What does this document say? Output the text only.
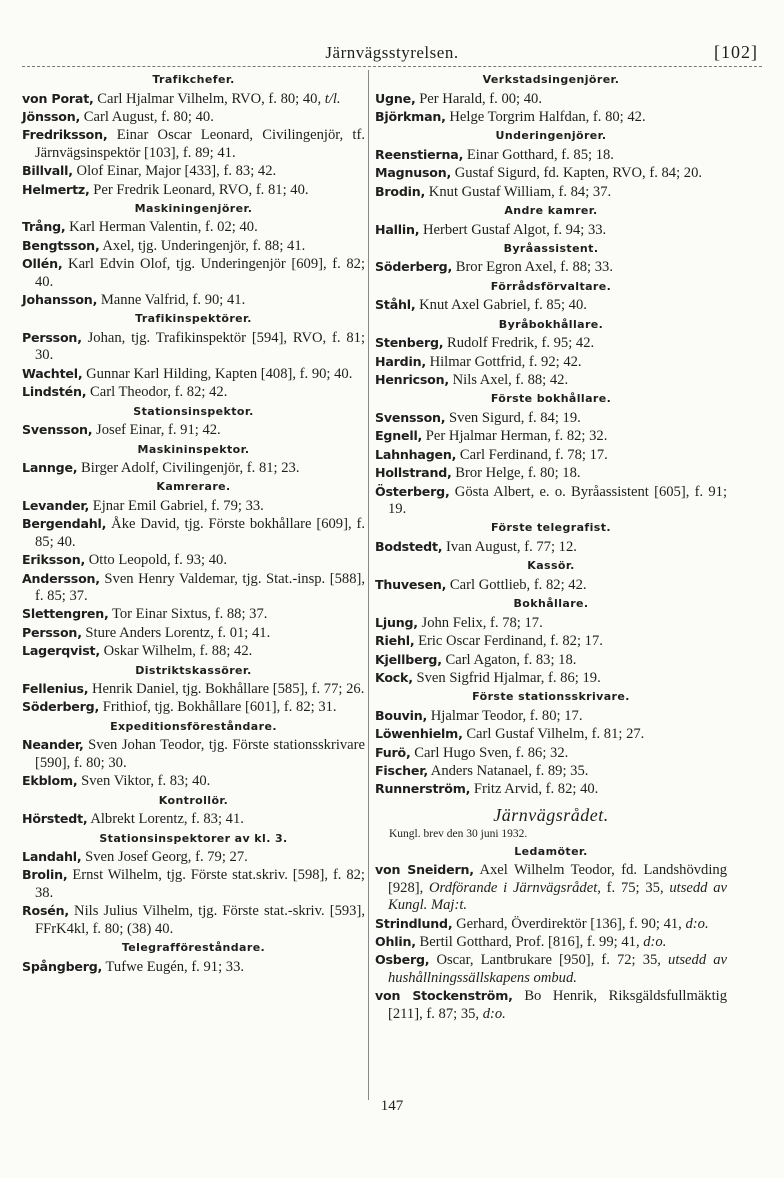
Järnvägsstyrelsen.	[102]
Trafikchefer.
von Porat, Carl Hjalmar Vilhelm, RVO, f. 80; 40, t/l.
Jönsson, Carl August, f. 80; 40.
Fredriksson, Einar Oscar Leonard, Civilingenjör, tf. Järnvägsinspektör [103], f. 89; 41.
Billvall, Olof Einar, Major [433], f. 83; 42.
Helmertz, Per Fredrik Leonard, RVO, f. 81; 40.
Maskiningenjörer.
Trång, Karl Herman Valentin, f. 02; 40.
Bengtsson, Axel, tjg. Underingenjör, f. 88; 41.
Ollén, Karl Edvin Olof, tjg. Underingenjör [609], f. 82; 40.
Johansson, Manne Valfrid, f. 90; 41.
Trafikinspektörer.
Persson, Johan, tjg. Trafikinspektör [594], RVO, f. 81; 30.
Wachtel, Gunnar Karl Hilding, Kapten [408], f. 90; 40.
Lindstén, Carl Theodor, f. 82; 42.
Stationsinspektor.
Svensson, Josef Einar, f. 91; 42.
Maskininspektor.
Lannge, Birger Adolf, Civilingenjör, f. 81; 23.
Kamrerare.
Levander, Ejnar Emil Gabriel, f. 79; 33.
Bergendahl, Åke David, tjg. Förste bokhållare [609], f. 85; 40.
Eriksson, Otto Leopold, f. 93; 40.
Andersson, Sven Henry Valdemar, tjg. Stat.-insp. [588], f. 85; 37.
Slettengren, Tor Einar Sixtus, f. 88; 37.
Persson, Sture Anders Lorentz, f. 01; 41.
Lagerqvist, Oskar Wilhelm, f. 88; 42.
Distriktskassörer.
Fellenius, Henrik Daniel, tjg. Bokhållare [585], f. 77; 26.
Söderberg, Frithiof, tjg. Bokhållare [601], f. 82; 31.
Expeditionsföreståndare.
Neander, Sven Johan Teodor, tjg. Förste stationsskrivare [590], f. 80; 30.
Ekblom, Sven Viktor, f. 83; 40.
Kontrollör.
Hörstedt, Albrekt Lorentz, f. 83; 41.
Stationsinspektorer av kl. 3.
Landahl, Sven Josef Georg, f. 79; 27.
Brolin, Ernst Wilhelm, tjg. Förste stat.skriv. [598], f. 82; 38.
Rosén, Nils Julius Vilhelm, tjg. Förste stat.-skriv. [593], FFrK4kl, f. 80; (38) 40.
Telegrafföreståndare.
Spångberg, Tufwe Eugén, f. 91; 33.
Verkstadsingenjörer.
Ugne, Per Harald, f. 00; 40.
Björkman, Helge Torgrim Halfdan, f. 80; 42.
Underingenjörer.
Reenstierna, Einar Gotthard, f. 85; 18.
Magnuson, Gustaf Sigurd, fd. Kapten, RVO, f. 84; 20.
Brodin, Knut Gustaf William, f. 84; 37.
Andre kamrer.
Hallin, Herbert Gustaf Algot, f. 94; 33.
Byråassistent.
Söderberg, Bror Egron Axel, f. 88; 33.
Förrådsförvaltare.
Ståhl, Knut Axel Gabriel, f. 85; 40.
Byråbokhållare.
Stenberg, Rudolf Fredrik, f. 95; 42.
Hardin, Hilmar Gottfrid, f. 92; 42.
Henricson, Nils Axel, f. 88; 42.
Förste bokhållare.
Svensson, Sven Sigurd, f. 84; 19.
Egnell, Per Hjalmar Herman, f. 82; 32.
Lahnhagen, Carl Ferdinand, f. 78; 17.
Hollstrand, Bror Helge, f. 80; 18.
Österberg, Gösta Albert, e. o. Byråassistent [605], f. 91; 19.
Förste telegrafist.
Bodstedt, Ivan August, f. 77; 12.
Kassör.
Thuvesen, Carl Gottlieb, f. 82; 42.
Bokhållare.
Ljung, John Felix, f. 78; 17.
Riehl, Eric Oscar Ferdinand, f. 82; 17.
Kjellberg, Carl Agaton, f. 83; 18.
Kock, Sven Sigfrid Hjalmar, f. 86; 19.
Förste stationsskrivare.
Bouvin, Hjalmar Teodor, f. 80; 17.
Löwenhielm, Carl Gustaf Vilhelm, f. 81; 27.
Furö, Carl Hugo Sven, f. 86; 32.
Fischer, Anders Natanael, f. 89; 35.
Runnerström, Fritz Arvid, f. 82; 40.
Järnvägsrådet.
Kungl. brev den 30 juni 1932.
Ledamöter.
von Sneidern, Axel Wilhelm Teodor, fd. Landshövding [928], Ordförande i Järnvägsrådet, f. 75; 35, utsedd av Kungl. Maj:t.
Strindlund, Gerhard, Överdirektör [136], f. 90; 41, d:o.
Ohlin, Bertil Gotthard, Prof. [816], f. 99; 41, d:o.
Osberg, Oscar, Lantbrukare [950], f. 72; 35, utsedd av hushållningssällskapens ombud.
von Stockenström, Bo Henrik, Riksgäldsfullmäktig [211], f. 87; 35, d:o.
147
